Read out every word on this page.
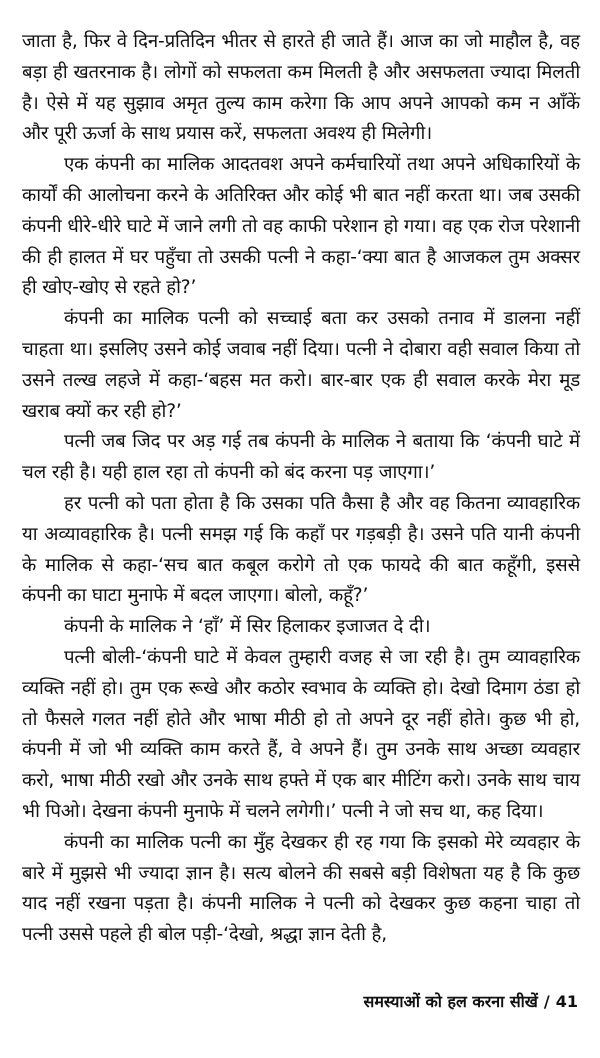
जाता है, फिर वे दिन-प्रतिदिन भीतर से हारते ही जाते हैं। आज का जो माहौल है, वह बड़ा ही खतरनाक है। लोगों को सफलता कम मिलती है और असफलता ज्यादा मिलती है। ऐसे में यह सुझाव अमृत तुल्य काम करेगा कि आप अपने आपको कम न आँकें और पूरी ऊर्जा के साथ प्रयास करें, सफलता अवश्य ही मिलेगी।

एक कंपनी का मालिक आदतवश अपने कर्मचारियों तथा अपने अधिकारियों के कार्यों की आलोचना करने के अतिरिक्त और कोई भी बात नहीं करता था। जब उसकी कंपनी धीरे-धीरे घाटे में जाने लगी तो वह काफी परेशान हो गया। वह एक रोज परेशानी की ही हालत में घर पहुँचा तो उसकी पत्नी ने कहा-‘क्या बात है आजकल तुम अक्सर ही खोए-खोए से रहते हो?’

कंपनी का मालिक पत्नी को सच्चाई बता कर उसको तनाव में डालना नहीं चाहता था। इसलिए उसने कोई जवाब नहीं दिया। पत्नी ने दोबारा वही सवाल किया तो उसने तल्ख लहजे में कहा-‘बहस मत करो। बार-बार एक ही सवाल करके मेरा मूड खराब क्यों कर रही हो?’

पत्नी जब जिद पर अड़ गई तब कंपनी के मालिक ने बताया कि ‘कंपनी घाटे में चल रही है। यही हाल रहा तो कंपनी को बंद करना पड़ जाएगा।’

हर पत्नी को पता होता है कि उसका पति कैसा है और वह कितना व्यावहारिक या अव्यावहारिक है। पत्नी समझ गई कि कहाँ पर गड़बड़ी है। उसने पति यानी कंपनी के मालिक से कहा-‘सच बात कबूल करोगे तो एक फायदे की बात कहूँगी, इससे कंपनी का घाटा मुनाफे में बदल जाएगा। बोलो, कहूँ?’

कंपनी के मालिक ने ‘हाँ’ में सिर हिलाकर इजाजत दे दी।

पत्नी बोली-‘कंपनी घाटे में केवल तुम्हारी वजह से जा रही है। तुम व्यावहारिक व्यक्ति नहीं हो। तुम एक रूखे और कठोर स्वभाव के व्यक्ति हो। देखो दिमाग ठंडा हो तो फैसले गलत नहीं होते और भाषा मीठी हो तो अपने दूर नहीं होते। कुछ भी हो, कंपनी में जो भी व्यक्ति काम करते हैं, वे अपने हैं। तुम उनके साथ अच्छा व्यवहार करो, भाषा मीठी रखो और उनके साथ हफ्ते में एक बार मीटिंग करो। उनके साथ चाय भी पिओ। देखना कंपनी मुनाफे में चलने लगेगी।’ पत्नी ने जो सच था, कह दिया।

कंपनी का मालिक पत्नी का मुँह देखकर ही रह गया कि इसको मेरे व्यवहार के बारे में मुझसे भी ज्यादा ज्ञान है। सत्य बोलने की सबसे बड़ी विशेषता यह है कि कुछ याद नहीं रखना पड़ता है। कंपनी मालिक ने पत्नी को देखकर कुछ कहना चाहा तो पत्नी उससे पहले ही बोल पड़ी-‘देखो, श्रद्धा ज्ञान देती है,

समस्याओं को हल करना सीखें / 41
